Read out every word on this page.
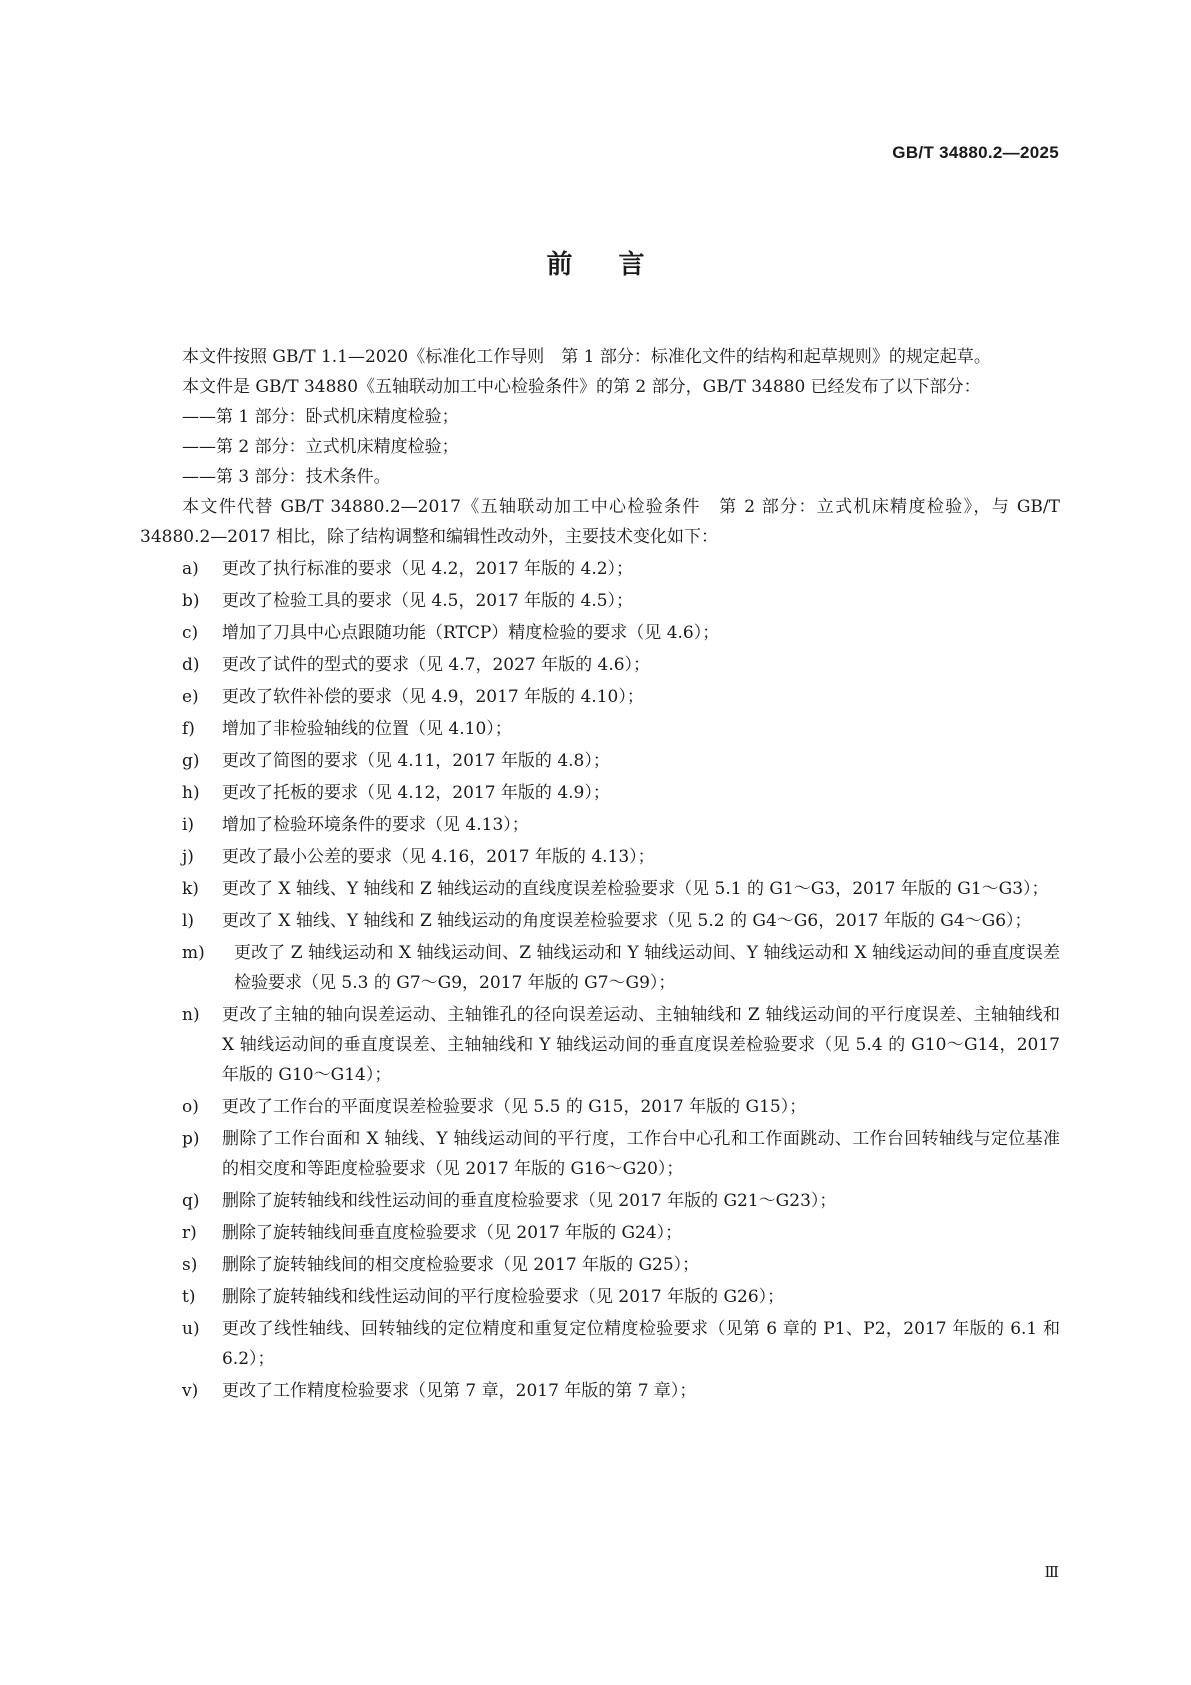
GB/T 34880.2—2025
前言
本文件按照 GB/T 1.1—2020《标准化工作导则　第 1 部分：标准化文件的结构和起草规则》的规定起草。
本文件是 GB/T 34880《五轴联动加工中心检验条件》的第 2 部分，GB/T 34880 已经发布了以下部分：
——第 1 部分：卧式机床精度检验；
——第 2 部分：立式机床精度检验；
——第 3 部分：技术条件。
本文件代替 GB/T 34880.2—2017《五轴联动加工中心检验条件　第 2 部分：立式机床精度检验》，与 GB/T 34880.2—2017 相比，除了结构调整和编辑性改动外，主要技术变化如下：
a)	更改了执行标准的要求（见 4.2，2017 年版的 4.2）；
b)	更改了检验工具的要求（见 4.5，2017 年版的 4.5）；
c)	增加了刀具中心点跟随功能（RTCP）精度检验的要求（见 4.6）；
d)	更改了试件的型式的要求（见 4.7，2027 年版的 4.6）；
e)	更改了软件补偿的要求（见 4.9，2017 年版的 4.10）；
f)	增加了非检验轴线的位置（见 4.10）；
g)	更改了简图的要求（见 4.11，2017 年版的 4.8）；
h)	更改了托板的要求（见 4.12，2017 年版的 4.9）；
i)	增加了检验环境条件的要求（见 4.13）；
j)	更改了最小公差的要求（见 4.16，2017 年版的 4.13）；
k)	更改了 X 轴线、Y 轴线和 Z 轴线运动的直线度误差检验要求（见 5.1 的 G1～G3，2017 年版的 G1～G3）；
l)	更改了 X 轴线、Y 轴线和 Z 轴线运动的角度误差检验要求（见 5.2 的 G4～G6，2017 年版的 G4～G6）；
m)	更改了 Z 轴线运动和 X 轴线运动间、Z 轴线运动和 Y 轴线运动间、Y 轴线运动和 X 轴线运动间的垂直度误差检验要求（见 5.3 的 G7～G9，2017 年版的 G7～G9）；
n)	更改了主轴的轴向误差运动、主轴锥孔的径向误差运动、主轴轴线和 Z 轴线运动间的平行度误差、主轴轴线和 X 轴线运动间的垂直度误差、主轴轴线和 Y 轴线运动间的垂直度误差检验要求（见 5.4 的 G10～G14，2017 年版的 G10～G14）；
o)	更改了工作台的平面度误差检验要求（见 5.5 的 G15，2017 年版的 G15）；
p)	删除了工作台面和 X 轴线、Y 轴线运动间的平行度，工作台中心孔和工作面跳动、工作台回转轴线与定位基准的相交度和等距度检验要求（见 2017 年版的 G16～G20）；
q)	删除了旋转轴线和线性运动间的垂直度检验要求（见 2017 年版的 G21～G23）；
r)	删除了旋转轴线间垂直度检验要求（见 2017 年版的 G24）；
s)	删除了旋转轴线间的相交度检验要求（见 2017 年版的 G25）；
t)	删除了旋转轴线和线性运动间的平行度检验要求（见 2017 年版的 G26）；
u)	更改了线性轴线、回转轴线的定位精度和重复定位精度检验要求（见第 6 章的 P1、P2，2017 年版的 6.1 和 6.2）；
v)	更改了工作精度检验要求（见第 7 章，2017 年版的第 7 章）；
Ⅲ
